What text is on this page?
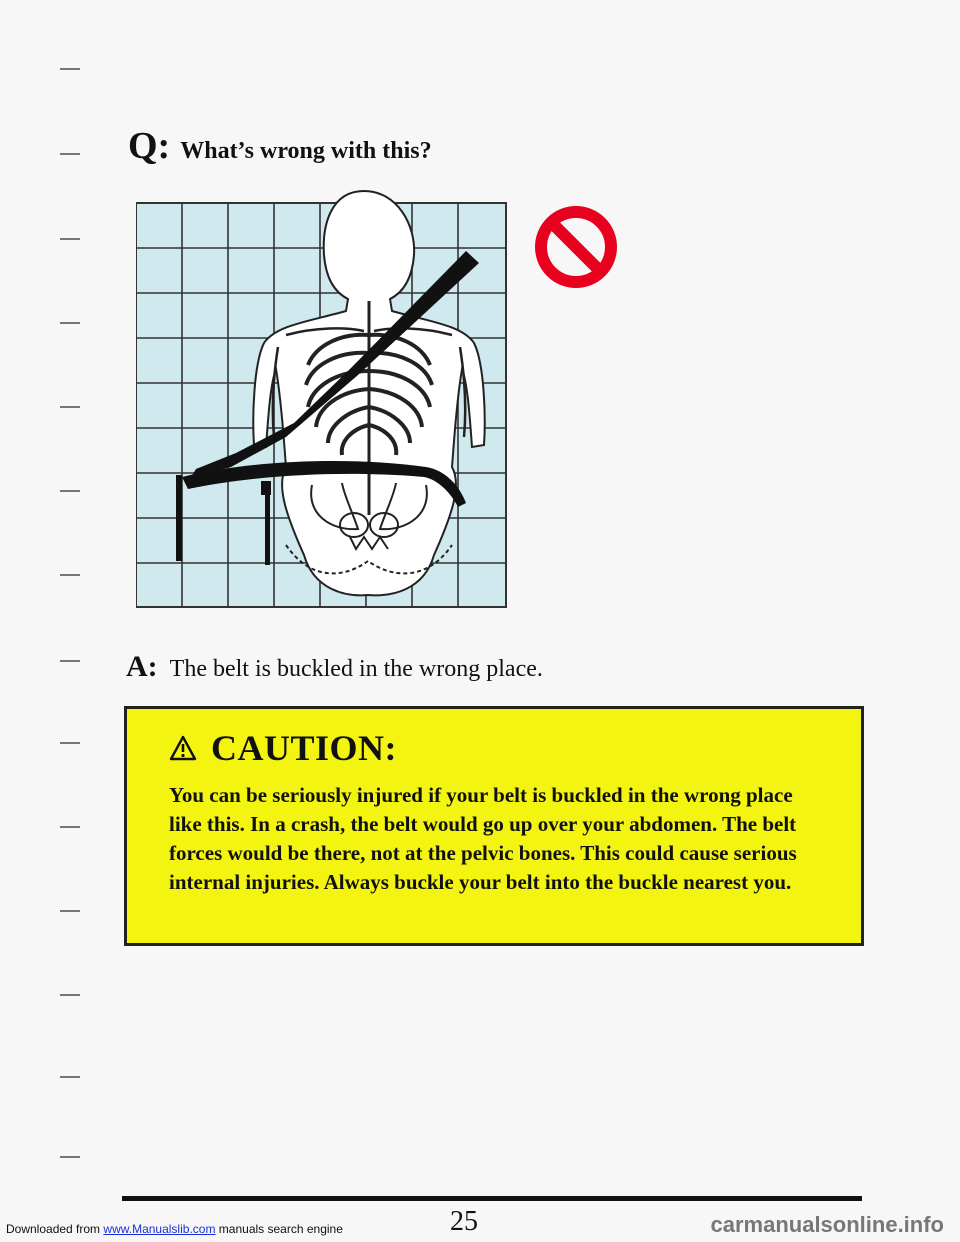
Q: What’s wrong with this?
A: The belt is buckled in the wrong place.
CAUTION:

You can be seriously injured if your belt is buckled in the wrong place like this. In a crash, the belt would go up over your abdomen. The belt forces would be there, not at the pelvic bones. This could cause serious internal injuries. Always buckle your belt into the buckle nearest you.

25
Downloaded from www.Manualslib.com manuals search engine	carmanualsonline.info
